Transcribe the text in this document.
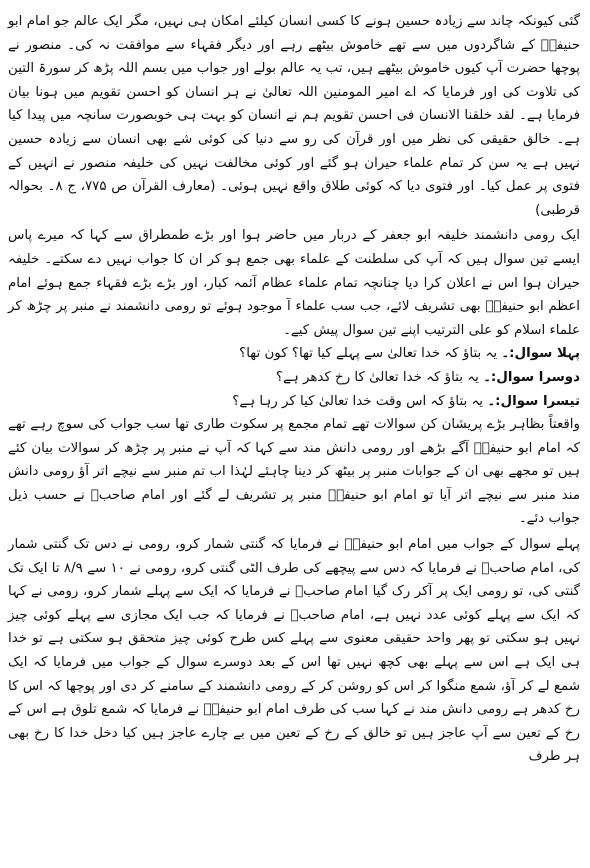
گئی کیونکہ چاند سے زیادہ حسین ہونے کا کسی انسان کیلئے امکان ہی نہیں، مگر ایک عالم جو امام ابو حنیفہؒ کے شاگردوں میں سے تھے خاموش بیٹھے رہے اور دیگر فقہاء سے موافقت نہ کی۔ منصور نے پوچھا حضرت آپ کیوں خاموش بیٹھے ہیں، تب یہ عالم بولے اور جواب میں بسم اللہ پڑھ کر سورۃ التین کی تلاوت کی اور فرمایا کہ اے امیر المومنین اللہ تعالیٰ نے ہر انسان کو احسن تقویم میں ہونا بیان فرمایا ہے۔ لقد خلقنا الانسان فی احسن تقویم ہم نے انسان کو بہت ہی خوبصورت سانچہ میں پیدا کیا ہے۔ خالق حقیقی کی نظر میں اور قرآن کی رو سے دنیا کی کوئی شے بھی انسان سے زیادہ حسین نہیں ہے یہ سن کر تمام علماء حیران ہو گئے اور کوئی مخالفت نہیں کی خلیفہ منصور نے انہیں کے فتوی پر عمل کیا۔ اور فتوی دیا کہ کوئی طلاق واقع نہیں ہوئی۔ (معارف القرآن ص ۷۷۵، ج ۸۔ بحوالہ قرطبی)

ایک رومی دانشمند خلیفہ ابو جعفر کے دربار میں حاضر ہوا اور بڑے طمطراق سے کہا کہ میرے پاس ایسے تین سوال ہیں کہ آپ کی سلطنت کے علماء بھی جمع ہو کر ان کا جواب نہیں دے سکتے۔ خلیفہ حیران ہوا اس نے اعلان کرا دیا چنانچہ تمام علماء عظام آئمہ کبار، اور بڑے بڑے فقہاء جمع ہوئے امام اعظم ابو حنیفہؒ بھی تشریف لائے، جب سب علماء آ موجود ہوئے تو رومی دانشمند نے منبر پر چڑھ کر علماء اسلام کو علی الترتیب اپنے تین سوال پیش کیے۔

پہلا سوال:۔ یہ بتاؤ کہ خدا تعالیٰ سے پہلے کیا تھا؟ کون تھا؟

دوسرا سوال:۔ یہ بتاؤ کہ خدا تعالیٰ کا رخ کدھر ہے؟

تیسرا سوال:۔ یہ بتاؤ کہ اس وقت خدا تعالیٰ کیا کر رہا ہے؟

واقعتاً بظاہر بڑے پریشان کن سوالات تھے تمام مجمع پر سکوت طاری تھا سب جواب کی سوچ رہے تھے کہ امام ابو حنیفہؒ آگے بڑھے اور رومی دانش مند سے کہا کہ آپ نے منبر پر چڑھ کر سوالات بیان کئے ہیں تو مجھے بھی ان کے جوابات منبر پر بیٹھ کر دینا چاہئے لہٰذا اب تم منبر سے نیچے اتر آؤ رومی دانش مند منبر سے نیچے اتر آیا تو امام ابو حنیفہؒ منبر پر تشریف لے گئے اور امام صاحبؒ نے حسب ذیل جواب دئے۔

پہلے سوال کے جواب میں امام ابو حنیفہؒ نے فرمایا کہ گنتی شمار کرو، رومی نے دس تک گنتی شمار کی، امام صاحبؒ نے فرمایا کہ دس سے پیچھے کی طرف الٹی گنتی کرو، رومی نے ۱۰ سے ۸/۹ تا ایک تک گنتی کی، تو رومی ایک پر آکر رک گیا امام صاحبؒ نے فرمایا کہ ایک سے پہلے شمار کرو، رومی نے کہا کہ ایک سے پہلے کوئی عدد نہیں ہے، امام صاحبؒ نے فرمایا کہ جب ایک مجازی سے پہلے کوئی چیز نہیں ہو سکتی تو پھر واحد حقیقی معنوی سے پہلے کس طرح کوئی چیز متحقق ہو سکتی ہے تو خدا ہی ایک ہے اس سے پہلے بھی کچھ نہیں تھا اس کے بعد دوسرے سوال کے جواب میں فرمایا کہ ایک شمع لے کر آؤ، شمع منگوا کر اس کو روشن کر کے رومی دانشمند کے سامنے کر دی اور پوچھا کہ اس کا رخ کدھر ہے رومی دانش مند نے کہا سب کی طرف امام ابو حنیفہؒ نے فرمایا کہ شمع تلوق ہے اس کے رخ کے تعین سے آپ عاجز ہیں تو خالق کے رخ کے تعین میں بے چارے عاجز ہیں کیا دخل خدا کا رخ بھی ہر طرف
